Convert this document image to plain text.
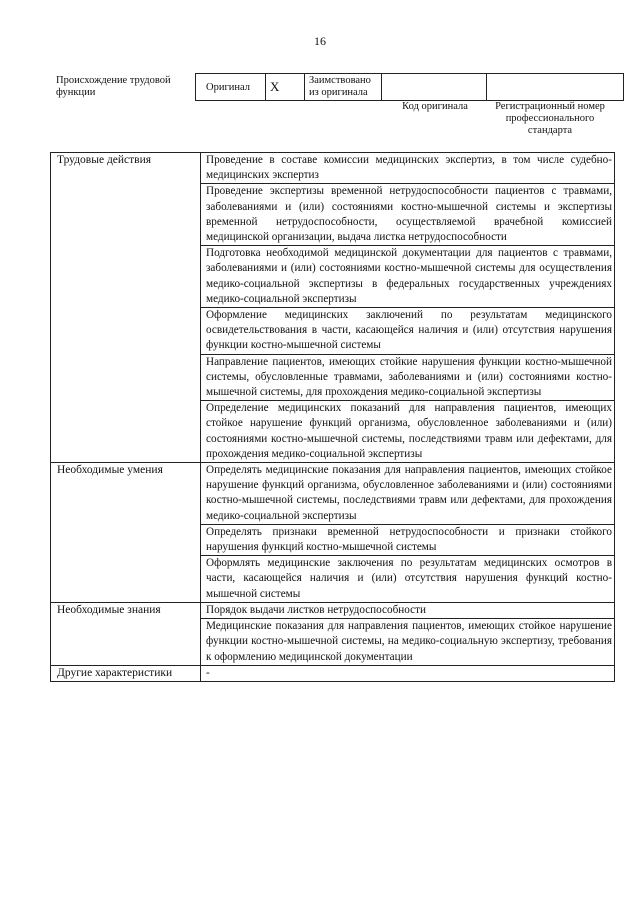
16
Происхождение трудовой функции	Оригинал	X	Заимствовано из оригинала		
Код оригинала	Регистрационный номер профессионального стандарта
Трудовые действия	Проведение в составе комиссии медицинских экспертиз, в том числе судебно-медицинских экспертиз
	Проведение экспертизы временной нетрудоспособности пациентов с травмами, заболеваниями и (или) состояниями костно-мышечной системы и экспертизы временной нетрудоспособности, осуществляемой врачебной комиссией медицинской организации, выдача листка нетрудоспособности
	Подготовка необходимой медицинской документации для пациентов с травмами, заболеваниями и (или) состояниями костно-мышечной системы для осуществления медико-социальной экспертизы в федеральных государственных учреждениях медико-социальной экспертизы
	Оформление медицинских заключений по результатам медицинского освидетельствования в части, касающейся наличия и (или) отсутствия нарушения функции костно-мышечной системы
	Направление пациентов, имеющих стойкие нарушения функции костно-мышечной системы, обусловленные травмами, заболеваниями и (или) состояниями костно-мышечной системы, для прохождения медико-социальной экспертизы
	Определение медицинских показаний для направления пациентов, имеющих стойкое нарушение функций организма, обусловленное заболеваниями и (или) состояниями костно-мышечной системы, последствиями травм или дефектами, для прохождения медико-социальной экспертизы
Необходимые умения	Определять медицинские показания для направления пациентов, имеющих стойкое нарушение функций организма, обусловленное заболеваниями и (или) состояниями костно-мышечной системы, последствиями травм или дефектами, для прохождения медико-социальной экспертизы
	Определять признаки временной нетрудоспособности и признаки стойкого нарушения функций костно-мышечной системы
	Оформлять медицинские заключения по результатам медицинских осмотров в части, касающейся наличия и (или) отсутствия нарушения функций костно-мышечной системы
Необходимые знания	Порядок выдачи листков нетрудоспособности
	Медицинские показания для направления пациентов, имеющих стойкое нарушение функции костно-мышечной системы, на медико-социальную экспертизу, требования к оформлению медицинской документации
Другие характеристики	-
